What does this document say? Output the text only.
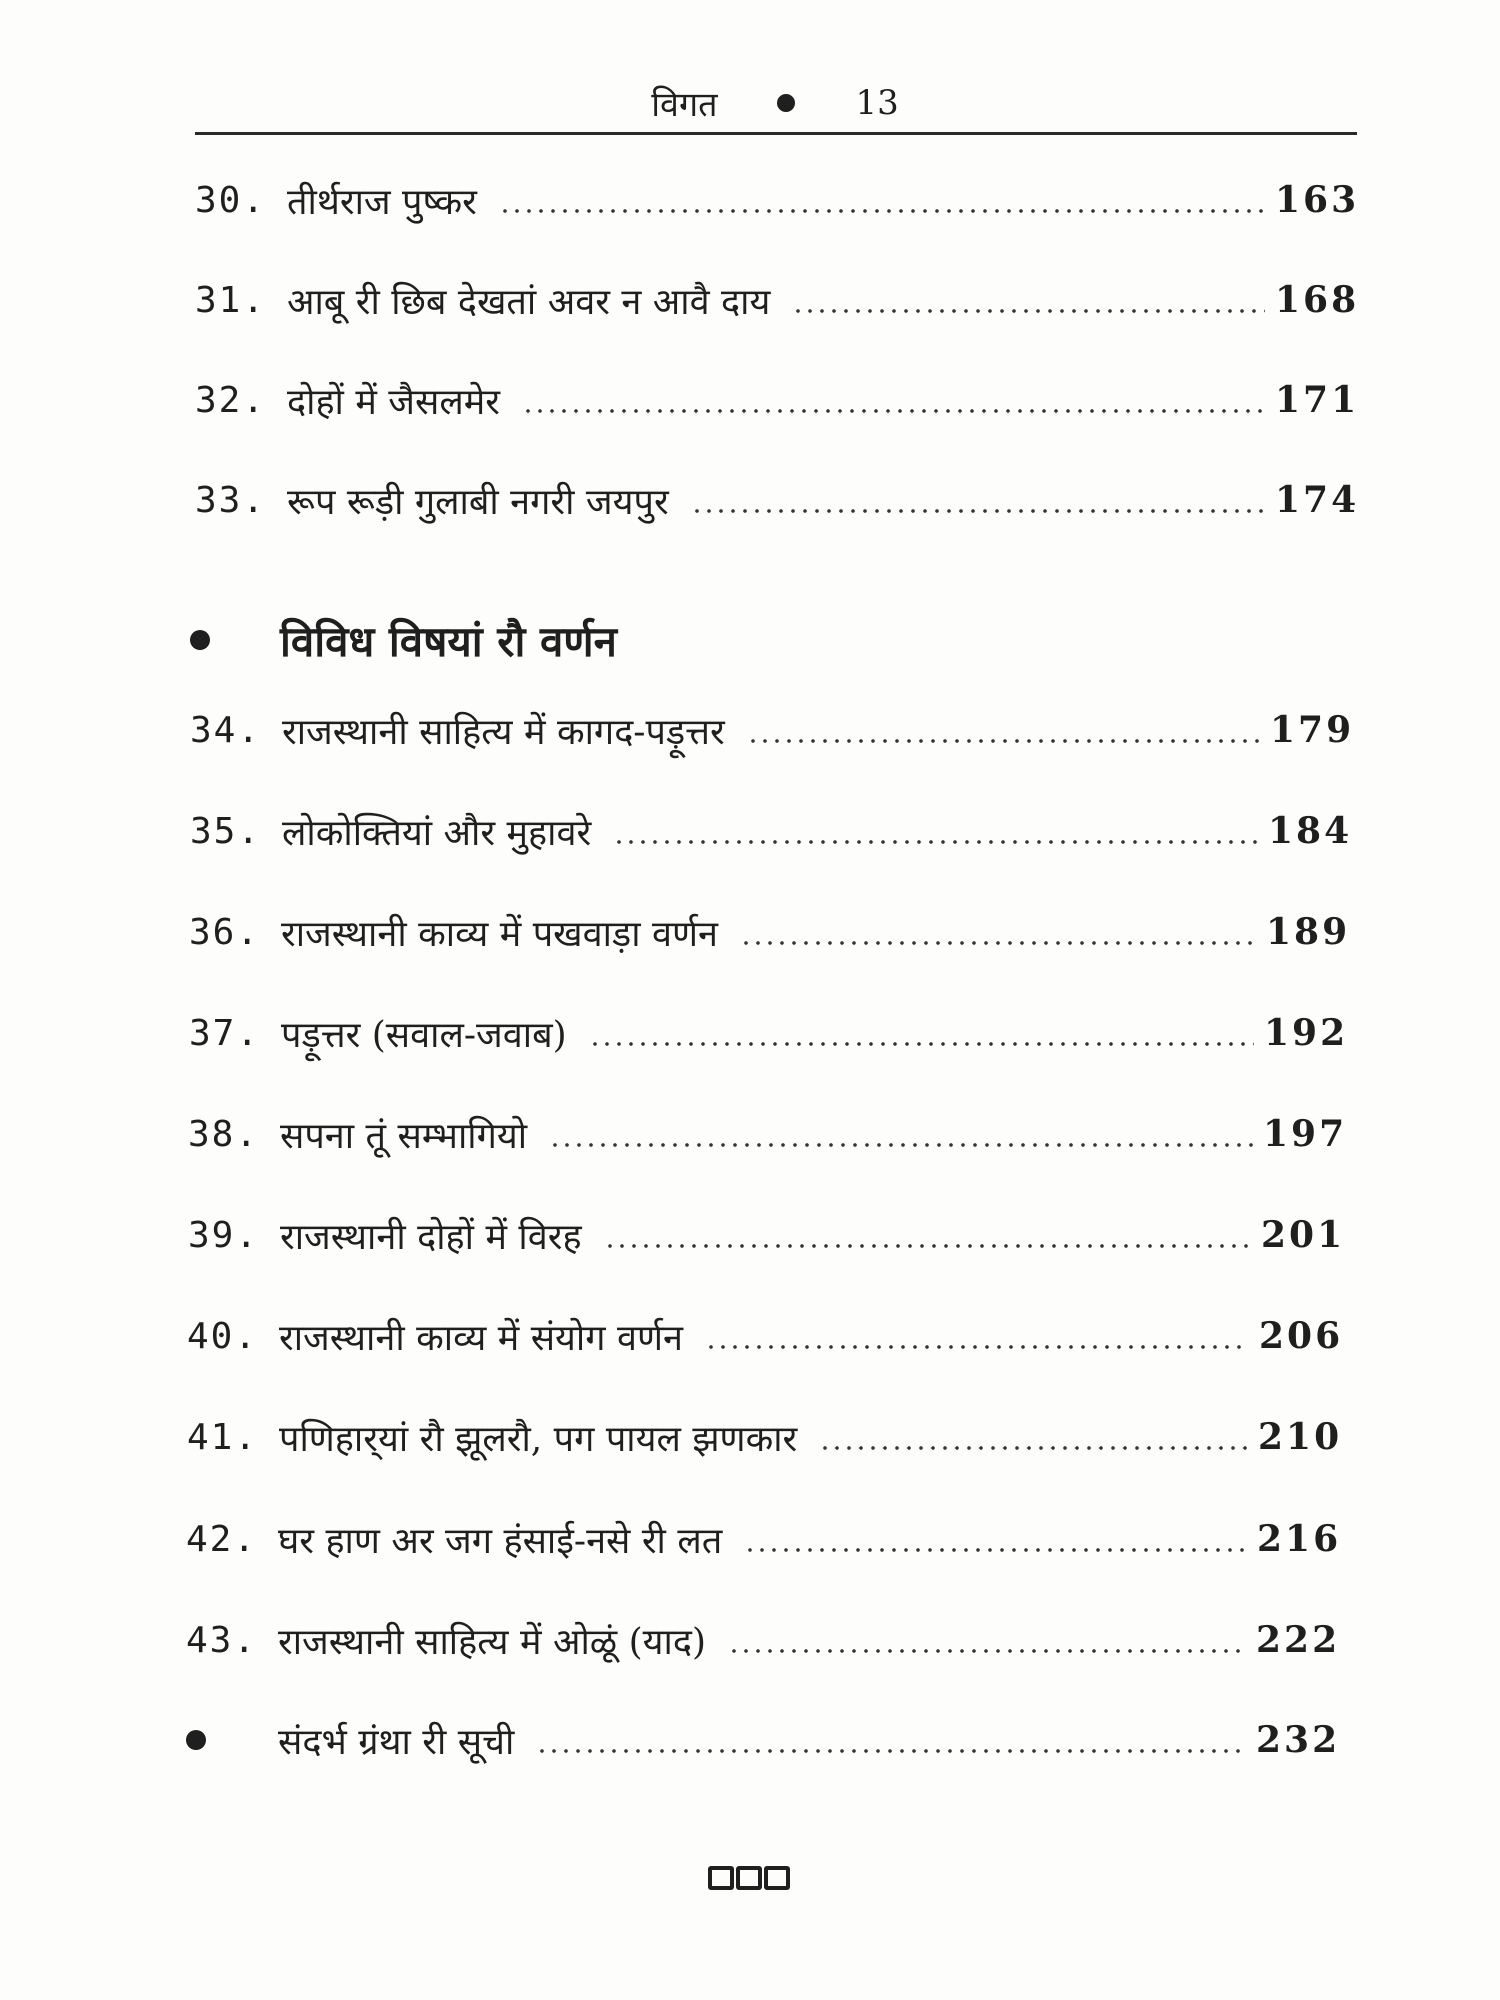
विगत	13
30. तीर्थराज पुष्कर	163
31. आबू री छिब देखतां अवर न आवै दाय	168
32. दोहों में जैसलमेर	171
33. रूप रूड़ी गुलाबी नगरी जयपुर	174
विविध विषयां रौ वर्णन
34. राजस्थानी साहित्य में कागद-पड़ूत्तर	179
35. लोकोक्तियां और मुहावरे	184
36. राजस्थानी काव्य में पखवाड़ा वर्णन	189
37. पड़ूत्तर (सवाल-जवाब)	192
38. सपना तूं सम्भागियो	197
39. राजस्थानी दोहों में विरह	201
40. राजस्थानी काव्य में संयोग वर्णन	206
41. पणिहार्‌यां रौ झूलरौ, पग पायल झणकार	210
42. घर हाण अर जग हंसाई-नसे री लत	216
43. राजस्थानी साहित्य में ओळूं (याद)	222
संदर्भ ग्रंथा री सूची	232
